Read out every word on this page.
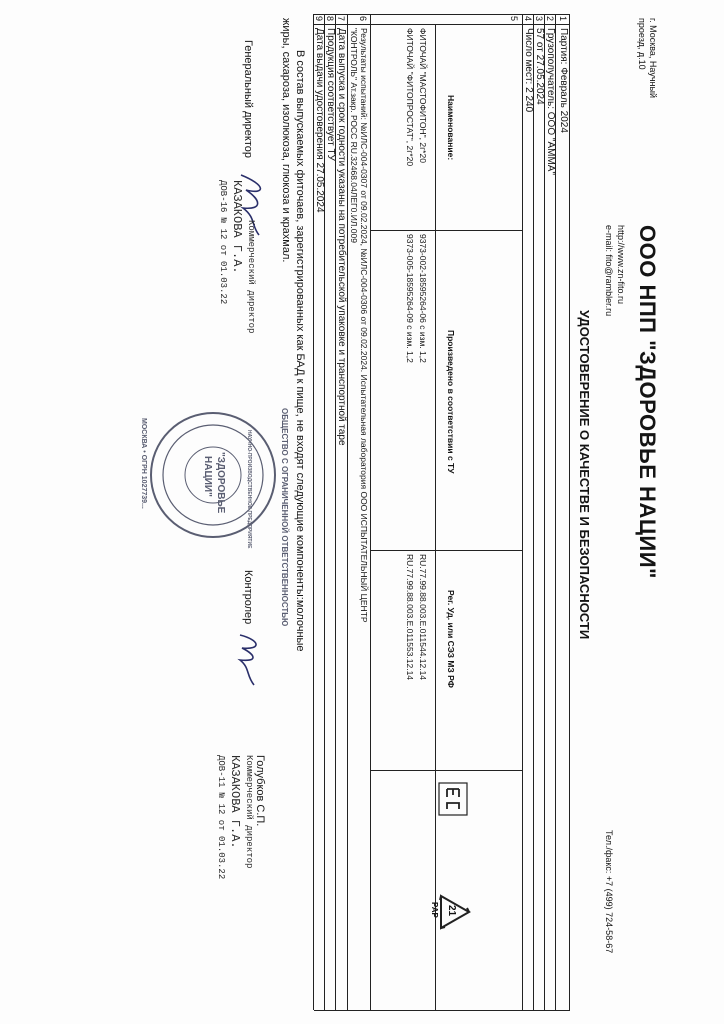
г. Москва, Научный
проезд, д.10
ООО НПП "ЗДОРОВЬЕ НАЦИИ"
http://www.zn-fito.ru
e-mail: fito@rambler.ru
Тел./факс: +7 (499) 724-58-67
УДОСТОВЕРЕНИЕ О КАЧЕСТВЕ И БЕЗОПАСНОСТИ
1
Партия: Февраль 2024
2
Грузополучатель: ООО "АММА"
3
57 от 27.05.2024
4
Число мест: 2 240
5
Наименование:
Произведено в соответствии с ТУ
Рег. Уд. или СЭЗ МЗ РФ
ФИТОЧАЙ "МАСТОФИТОН", 2г*20
9373-002-18595264-06 с изм. 1,2
RU.77.99.88.003.Е.011544.12.14
ФИТОЧАЙ "ФИТОПРОСТАТ", 2г*20
9373-005-18595264-09 с изм. 1,2
RU.77.99.88.003.Е.011553.12.14
21
PAP
6
Результаты испытаний: №ИЛС-004-0307 от 09.02.2024, №ИЛС-004-0306 от 09.02.2024. Испытательная лаборатория ООО ИСПЫТАТЕЛЬНЫЙ ЦЕНТР
"КОНТРОЛЬ" Ат.закр. РОСС RU.32468.04ЛЕГ0.ИЛ.009
7
Дата выпуска и срок годности указаны на потребительской упаковке и транспортной таре
8
Продукция соответствует ТУ
9
Дата выдачи удостоверения 27.05.2024
В состав выпускаемых фиточаев, зарегистрированных как БАД к пище, не входят следующие компоненты:молочные
жиры, сахароза, изолюкоза, глюкоза и крахмал.
Генеральный директор
Коммерческий директор
КАЗАКОВА Г.А.
ДОВ-16 № 12 от 01.03.22
ОБЩЕСТВО С ОГРАНИЧЕННОЙ ОТВЕТСТВЕННОСТЬЮ
НАУЧНО-ПРОИЗВОДСТВЕННОЕ ПРЕДПРИЯТИЕ
"ЗДОРОВЬЕ
НАЦИИ"
МОСКВА • ОГРН 1027739...
Контролер
Голубков С.П.
Коммерческий директор
КАЗАКОВА Г.А.
ДОВ-11 № 12 от 01.03.22
